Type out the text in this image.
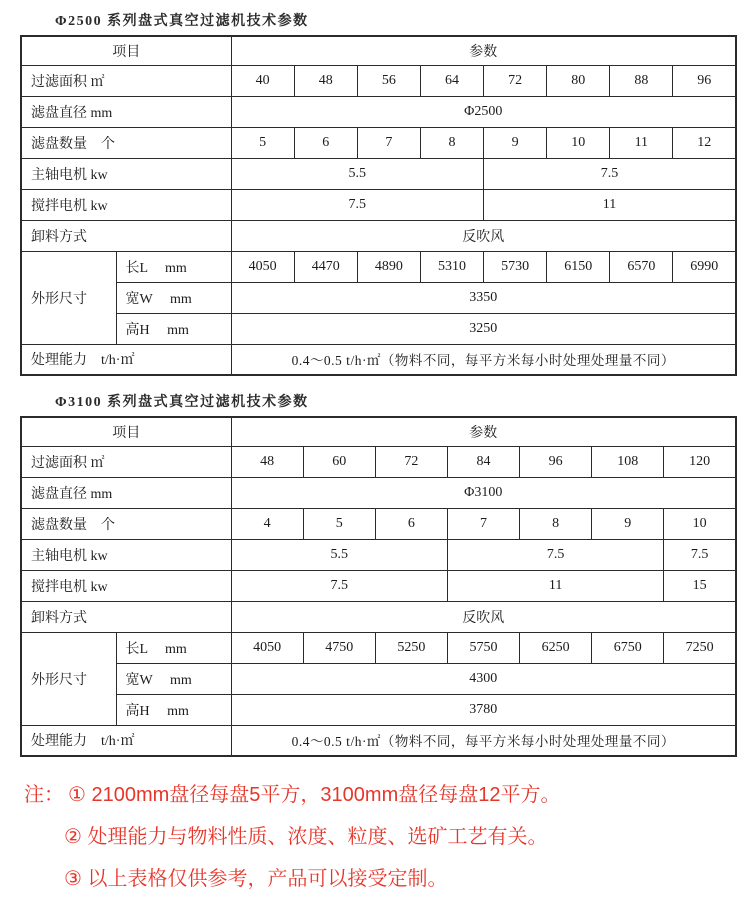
Φ2500 系列盘式真空过滤机技术参数
项目		参数							
过滤面积 ㎡		40	48	56	64	72	80	88	96
滤盘直径 mm		Φ2500							
滤盘数量　个		5	6	7	8	9	10	11	12
主轴电机 kw		5.5				7.5			
搅拌电机 kw		7.5				11			
卸料方式		反吹风							
外形尺寸	长L　 mm	4050	4470	4890	5310	5730	6150	6570	6990
	宽W　 mm	3350							
	高H　 mm	3250							
处理能力　t/h·㎡		0.4～0.5 t/h·㎡（物料不同，每平方米每小时处理处理量不同）							
Φ3100 系列盘式真空过滤机技术参数
项目		参数						
过滤面积 ㎡		48	60	72	84	96	108	120
滤盘直径 mm		Φ3100						
滤盘数量　个		4	5	6	7	8	9	10
主轴电机 kw		5.5			7.5			7.5
搅拌电机 kw		7.5			11			15
卸料方式		反吹风						
外形尺寸	长L　 mm	4050	4750	5250	5750	6250	6750	7250
	宽W　 mm	4300						
	高H　 mm	3780						
处理能力　t/h·㎡		0.4～0.5 t/h·㎡（物料不同，每平方米每小时处理处理量不同）						
注： ① 2100mm盘径每盘5平方，3100mm盘径每盘12平方。
② 处理能力与物料性质、浓度、粒度、选矿工艺有关。
③ 以上表格仅供参考，产品可以接受定制。
